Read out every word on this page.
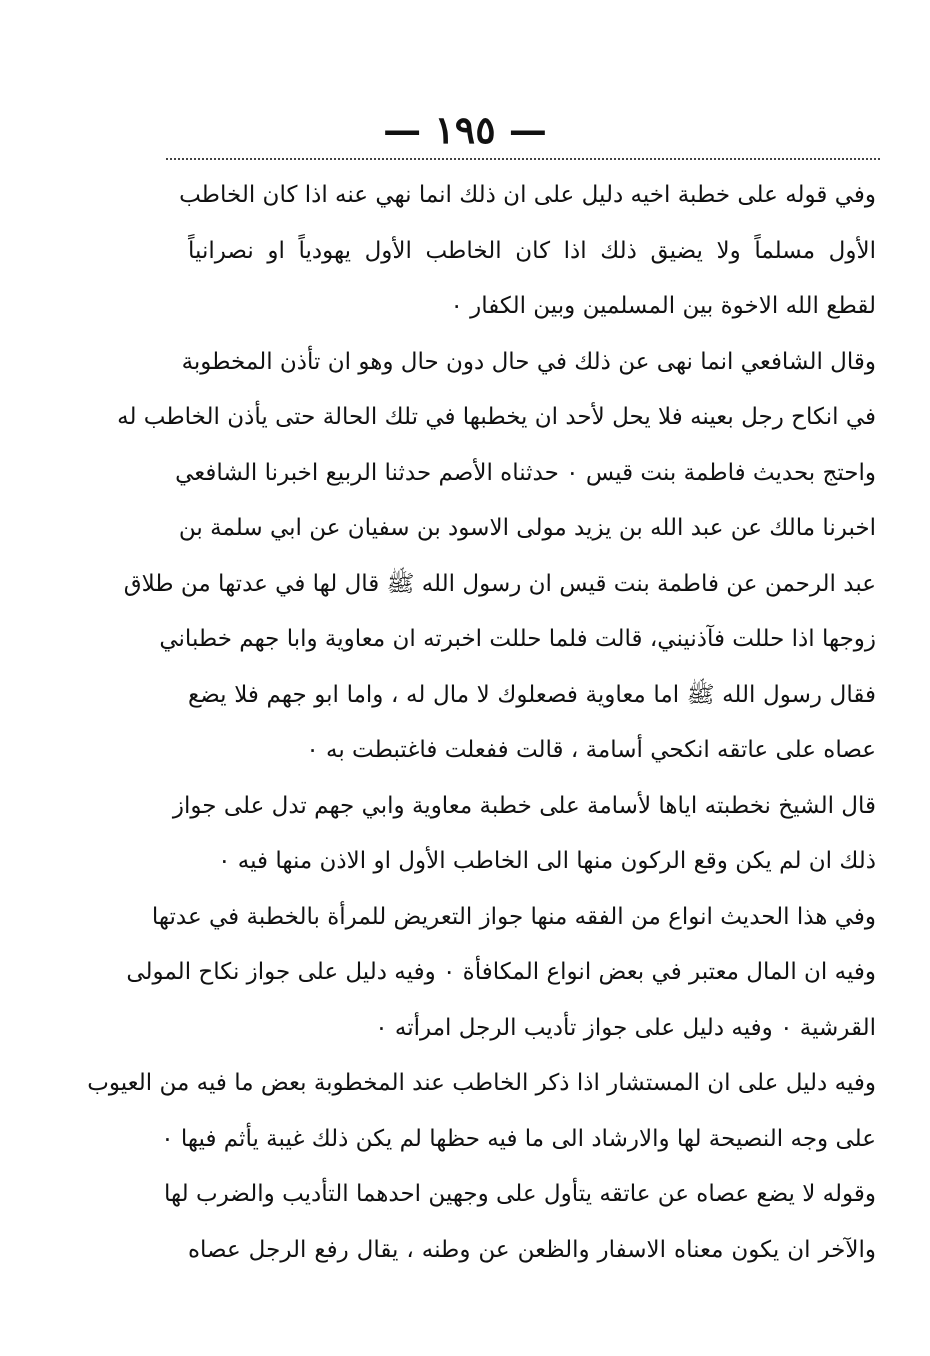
— ١٩٥ —
وفي قوله على خطبة اخيه دليل على ان ذلك انما نهي عنه اذا كان الخاطب
الأول مسلماً ولا يضيق ذلك اذا كان الخاطب الأول يهودياً او نصرانياً
لقطع الله الاخوة بين المسلمين وبين الكفار ٠
وقال الشافعي انما نهى عن ذلك في حال دون حال وهو ان تأذن المخطوبة
في انكاح رجل بعينه فلا يحل لأحد ان يخطبها في تلك الحالة حتى يأذن الخاطب له
واحتج بحديث فاطمة بنت قيس ٠ حدثناه الأصم حدثنا الربيع اخبرنا الشافعي
اخبرنا مالك عن عبد الله بن يزيد مولى الاسود بن سفيان عن ابي سلمة بن
عبد الرحمن عن فاطمة بنت قيس ان رسول الله ﷺ قال لها في عدتها من طلاق
زوجها اذا حللت فآذنيني، قالت فلما حللت اخبرته ان معاوية وابا جهم خطباني
فقال رسول الله ﷺ اما معاوية فصعلوك لا مال له ، واما ابو جهم فلا يضع
عصاه على عاتقه انكحي أسامة ، قالت ففعلت فاغتبطت به ٠
قال الشيخ نخطبته اياها لأسامة على خطبة معاوية وابي جهم تدل على جواز
ذلك ان لم يكن وقع الركون منها الى الخاطب الأول او الاذن منها فيه ٠
وفي هذا الحديث انواع من الفقه منها جواز التعريض للمرأة بالخطبة في عدتها
وفيه ان المال معتبر في بعض انواع المكافأة ٠ وفيه دليل على جواز نكاح المولى
القرشية ٠ وفيه دليل على جواز تأديب الرجل امرأته ٠
وفيه دليل على ان المستشار اذا ذكر الخاطب عند المخطوبة بعض ما فيه من العيوب
على وجه النصيحة لها والارشاد الى ما فيه حظها لم يكن ذلك غيبة يأثم فيها ٠
وقوله لا يضع عصاه عن عاتقه يتأول على وجهين احدهما التأديب والضرب لها
والآخر ان يكون معناه الاسفار والظعن عن وطنه ، يقال رفع الرجل عصاه
